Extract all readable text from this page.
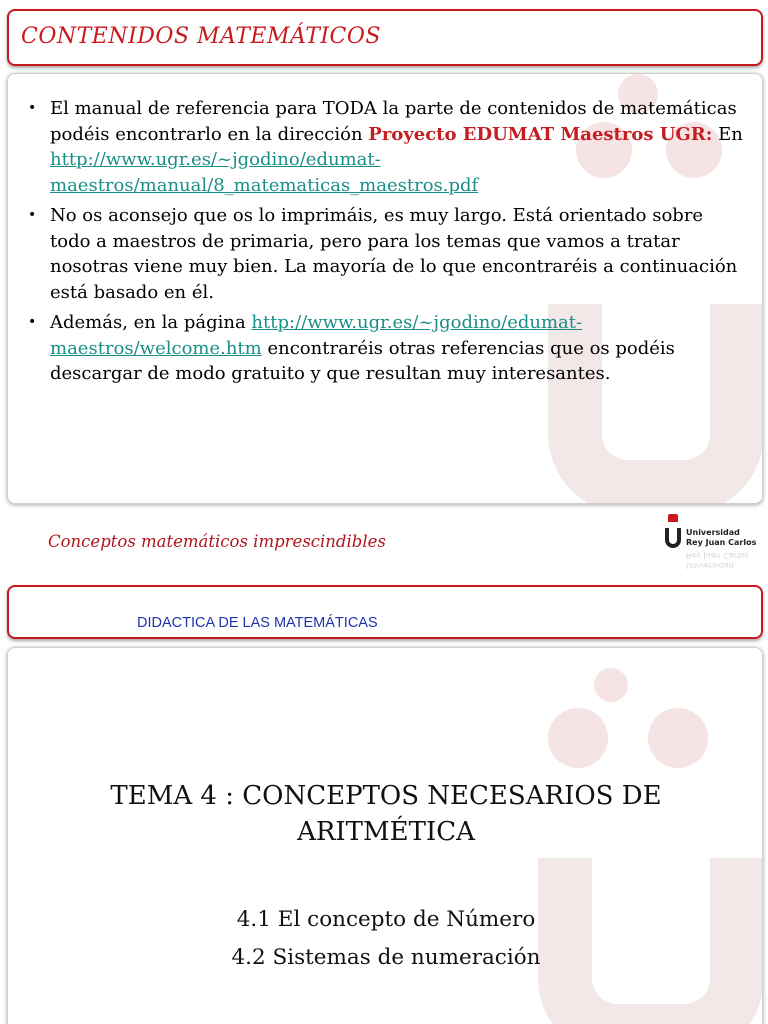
CONTENIDOS MATEMÁTICOS
• El manual de referencia para TODA la parte de contenidos de matemáticas podéis encontrarlo en la dirección Proyecto EDUMAT Maestros UGR: En http://www.ugr.es/~jgodino/edumat-maestros/manual/8_matematicas_maestros.pdf
• No os aconsejo que os lo imprimáis, es muy largo. Está orientado sobre todo a maestros de primaria, pero para los temas que vamos a tratar nosotras viene muy bien. La mayoría de lo que encontraréis a continuación está basado en él.
• Además, en la página http://www.ugr.es/~jgodino/edumat-maestros/welcome.htm encontraréis otras referencias que os podéis descargar de modo gratuito y que resultan muy interesantes.
Conceptos matemáticos imprescindibles	Universidad
Rey Juan Carlos
Universidad
Rey Juan Carlos
DIDACTICA DE LAS MATEMÁTICAS
TEMA 4 : CONCEPTOS NECESARIOS DE ARITMÉTICA
4.1 El concepto de Número
4.2 Sistemas de numeración
